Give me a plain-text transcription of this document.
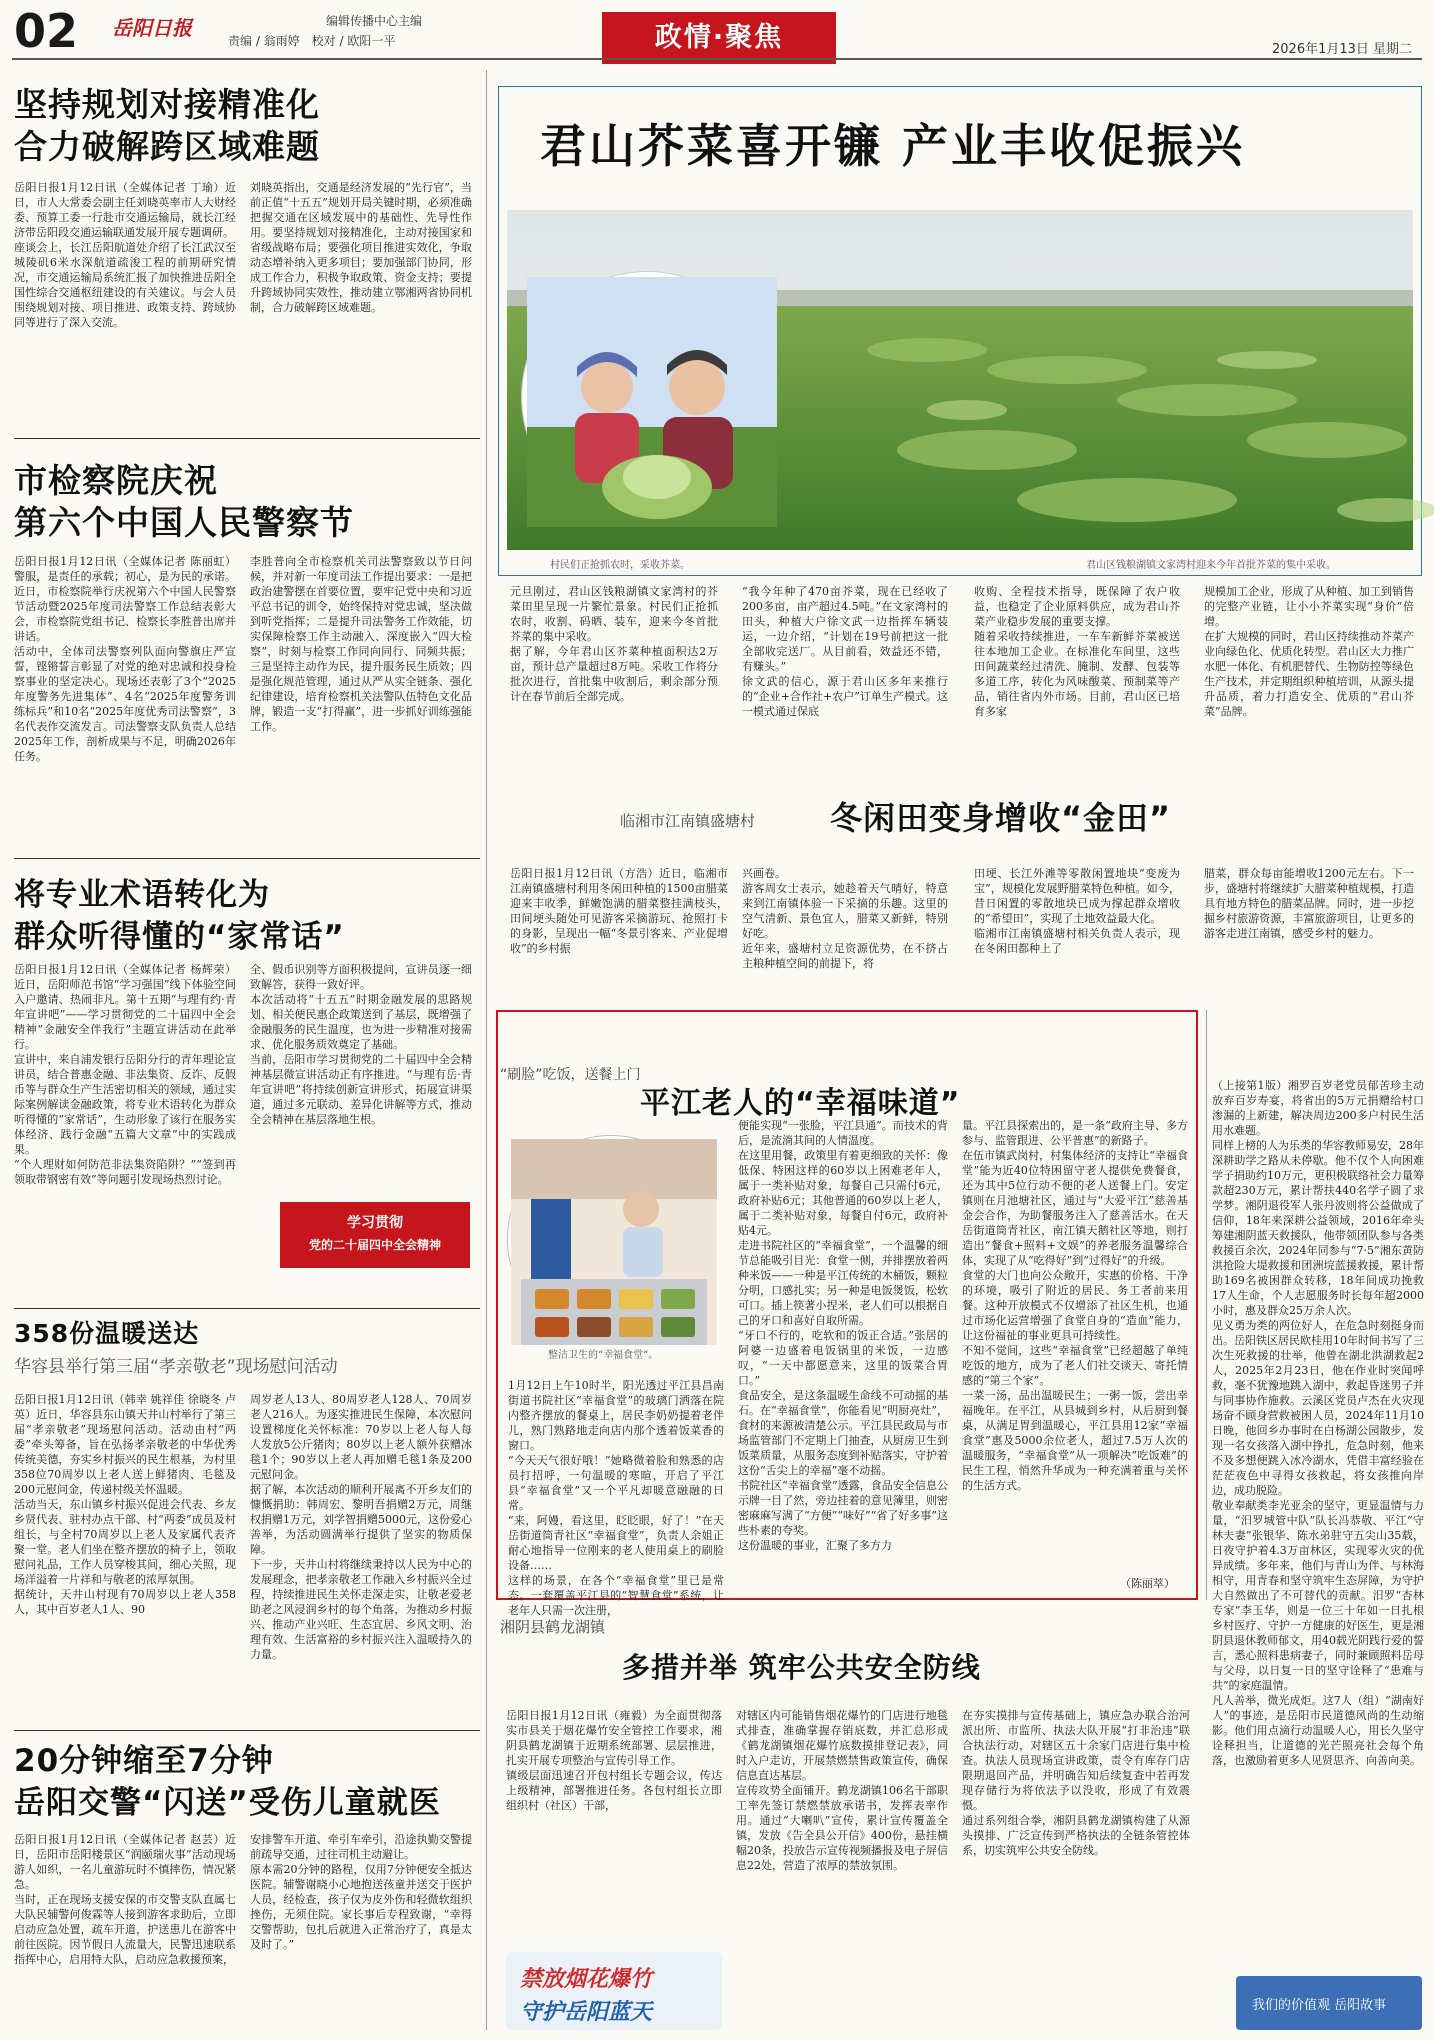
02 岳阳日报	编辑传播中心主编
责编 / 翁雨婷　校对 / 欧阳一平	政情·聚焦	2026年1月13日 星期二
坚持规划对接精准化
合力破解跨区域难题
岳阳日报1月12日讯（全媒体记者 丁瑜）近日，市人大常委会副主任刘晓英率市人大财经委、预算工委一行赴市交通运输局，就长江经济带岳阳段交通运输联通发展开展专题调研。
座谈会上，长江岳阳航道处介绍了长江武汉至城陵矶6米水深航道疏浚工程的前期研究情况，市交通运输局系统汇报了加快推进岳阳全国性综合交通枢纽建设的有关建议。与会人员围绕规划对接、项目推进、政策支持、跨域协同等进行了深入交流。
刘晓英指出，交通是经济发展的“先行官”，当前正值“十五五”规划开局关键时期，必须准确把握交通在区域发展中的基础性、先导性作用。要坚持规划对接精准化，主动对接国家和省级战略布局；要强化项目推进实效化，争取动态增补纳入更多项目；要加强部门协同，形成工作合力，积极争取政策、资金支持；要提升跨域协同实效性，推动建立鄂湘两省协同机制，合力破解跨区域难题。
市检察院庆祝
第六个中国人民警察节
岳阳日报1月12日讯（全媒体记者 陈丽虹）警服，是责任的承载；初心，是为民的承诺。近日，市检察院举行庆祝第六个中国人民警察节活动暨2025年度司法警察工作总结表彰大会，市检察院党组书记、检察长李胜普出席并讲话。
活动中，全体司法警察列队面向警旗庄严宣誓，铿锵誓言彰显了对党的绝对忠诚和投身检察事业的坚定决心。现场还表彰了3个“2025年度警务先进集体”、4名“2025年度警务训练标兵”和10名“2025年度优秀司法警察”，3名代表作交流发言。司法警察支队负责人总结2025年工作，剖析成果与不足，明确2026年任务。
李胜普向全市检察机关司法警察致以节日问候，并对新一年度司法工作提出要求：一是把政治建警摆在首要位置，要牢记党中央和习近平总书记的训令，始终保持对党忠诚，坚决做到听党指挥；二是提升司法警务工作效能，切实保障检察工作主动融入、深度嵌入“四大检察”，时刻与检察工作同向同行、同频共振；三是坚持主动作为民，提升服务民生质效；四是强化规范管理，通过从严从实全链条、强化纪律建设，培育检察机关法警队伍特色文化品牌，锻造一支“打得赢”，进一步抓好训练强能工作。
将专业术语转化为
群众听得懂的“家常话”
岳阳日报1月12日讯（全媒体记者 杨辉荣）近日，岳阳师范书馆“学习强国”线下体验空间入户邀请、热闹非凡。第十五期“与理有约·青年宣讲吧”——学习贯彻党的二十届四中全会精神“金融安全伴我行”主题宣讲活动在此举行。
宣讲中，来自浦发银行岳阳分行的青年理论宣讲员，结合普惠金融、非法集资、反诈、反假币等与群众生产生活密切相关的领域，通过实际案例解读金融政策，将专业术语转化为群众听得懂的“家常话”，生动形象了该行在服务实体经济、践行金融“五篇大文章”中的实践成果。
“个人理财如何防范非法集资陷阱？”“签到再领取带钢密有效”等问题引发现场热烈讨论。
全、假币识别等方面积极提问，宣讲员逐一细致解答，获得一致好评。
本次活动将“十五五”时期金融发展的思路规划、相关便民惠企政策送到了基层，既增强了金融服务的民生温度，也为进一步精准对接需求、优化服务质效奠定了基础。
当前，岳阳市学习贯彻党的二十届四中全会精神基层微宣讲活动正有序推进。“与理有岳·青年宣讲吧”将持续创新宣讲形式，拓展宣讲渠道，通过多元联动、差异化讲解等方式，推动全会精神在基层落地生根。
学习贯彻
党的二十届四中全会精神
358份温暖送达
华容县举行第三届“孝亲敬老”现场慰问活动
岳阳日报1月12日讯（韩幸 姚祥佳 徐晓冬 卢英）近日，华容县东山镇天井山村举行了第三届“孝亲敬老”现场慰问活动。活动由村“两委”牵头筹备，旨在弘扬孝亲敬老的中华优秀传统美德，夯实乡村振兴的民生根基，为村里358位70周岁以上老人送上鲜猪肉、毛毯及200元慰问金，传递村级关怀温暖。
活动当天，东山镇乡村振兴促进会代表、乡友乡贤代表、驻村办点干部、村“两委”成员及村组长，与全村70周岁以上老人及家属代表齐聚一堂。老人们坐在整齐摆放的椅子上，领取慰问礼品，工作人员穿梭其间，细心关照，现场洋溢着一片祥和与敬老的浓厚氛围。
据统计，天井山村现有70周岁以上老人358人，其中百岁老人1人、90
周岁老人13人、80周岁老人128人、70周岁老人216人。为逐实推进民生保障，本次慰问设置梯度化关怀标准：70岁以上老人每人每人发放5公斤猪肉；80岁以上老人额外获赠冰毯1个；90岁以上老人再加赠毛毯1条及200元慰问金。
据了解，本次活动的顺利开展离不开乡友们的慷慨捐助：韩周宏、黎明吾捐赠2万元，周继权捐赠1万元，刘学智捐赠5000元，这份爱心善举，为活动圆满举行提供了坚实的物质保障。
下一步，天井山村将继续秉持以人民为中心的发展理念，把孝亲敬老工作融入乡村振兴全过程，持续推进民生关怀走深走实，让敬老爱老助老之风浸润乡村的每个角落，为推动乡村振兴、推动产业兴旺、生态宜居、乡风文明、治理有效、生活富裕的乡村振兴注入温暖持久的力量。
20分钟缩至7分钟
岳阳交警“闪送”受伤儿童就医
岳阳日报1月12日讯（全媒体记者 赵芸）近日，岳阳市岳阳楼景区“润颐瑞火事”活动现场游人如织，一名儿童游玩时不慎摔伤，情况紧急。
当时，正在现场支援安保的市交警支队直属七大队民辅警何俊霖等人接到游客求助后，立即启动应急处置，疏车开道，护送患儿在游客中前往医院。因节假日人流量大，民警迅速联系指挥中心，启用特大队，启动应急救援预案，
安排警车开道、牵引车牵引，沿途执勤交警提前疏导交通，过往司机主动避让。
原本需20分钟的路程，仅用7分钟便安全抵达医院。辅警谢晓小心地抱送孩童并送交于医护人员，经检查，孩子仅为皮外伤和轻微软组织挫伤，无须住院。家长事后专程致谢，“幸得交警帮助，包扎后就进入正常治疗了，真是太及时了。”
君山芥菜喜开镰 产业丰收促振兴
村民们正抢抓农时，采收芥菜。	君山区钱粮湖镇文家湾村迎来今年首批芥菜的集中采收。
元旦刚过，君山区钱粮湖镇文家湾村的芥菜田里呈现一片繁忙景象。村民们正抢抓农时，收割、码晒、装车，迎来今冬首批芥菜的集中采收。
据了解，今年君山区芥菜种植面积达2万亩，预计总产量超过8万吨。采收工作将分批次进行，首批集中收割后，剩余部分预计在春节前后全部完成。
“我今年种了470亩芥菜，现在已经收了200多亩，亩产超过4.5吨。”在文家湾村的田头，种植大户徐文武一边指挥车辆装运，一边介绍，“计划在19号前把这一批全部收完送厂。从目前看，效益还不错，有赚头。”
徐文武的信心，源于君山区多年来推行的“企业+合作社+农户”订单生产模式。这一模式通过保底
收购、全程技术指导，既保障了农户收益，也稳定了企业原料供应，成为君山芥菜产业稳步发展的重要支撑。
随着采收持续推进，一车车新鲜芥菜被送往本地加工企业。在标准化车间里，这些田间蔬菜经过清洗、腌制、发酵、包装等多道工序，转化为风味酸菜、预制菜等产品，销往省内外市场。目前，君山区已培育多家
规模加工企业，形成了从种植、加工到销售的完整产业链，让小小芥菜实现“身价”倍增。
在扩大规模的同时，君山区持续推动芥菜产业向绿色化、优质化转型。君山区大力推广水肥一体化、有机肥替代、生物防控等绿色生产技术，并定期组织种植培训，从源头提升品质，着力打造安全、优质的“君山芥菜”品牌。
临湘市江南镇盛塘村 冬闲田变身增收“金田”
岳阳日报1月12日讯（方浩）近日，临湘市江南镇盛塘村利用冬闲田种植的1500亩腊菜迎来丰收季，鲜嫩饱满的腊菜整挂满枝头，田间埂头随处可见游客采摘游玩、抢照打卡的身影，呈现出一幅“冬景引客来、产业促增收”的乡村振
兴画卷。
游客周女士表示，她趁着天气晴好，特意来到江南镇体验一下采摘的乐趣。这里的空气清新、景色宜人，腊菜又新鲜，特别好吃。
近年来，盛塘村立足资源优势，在不挤占主粮种植空间的前提下，将
田埂、长江外滩等零散闲置地块“变废为宝”，规模化发展野腊菜特色种植。如今，昔日闲置的零散地块已成为撑起群众增收的“希望田”，实现了土地效益最大化。
临湘市江南镇盛塘村相关负责人表示，现在冬闲田都种上了
腊菜，群众每亩能增收1200元左右。下一步，盛塘村将继续扩大腊菜种植规模，打造具有地方特色的腊菜品牌。同时，进一步挖掘乡村旅游资源，丰富旅游项目，让更多的游客走进江南镇，感受乡村的魅力。
“刷脸”吃饭，送餐上门
平江老人的“幸福味道”
整洁卫生的“幸福食堂”。
1月12日上午10时半，阳光透过平江县昌南街道书院社区“幸福食堂”的玻璃门洒落在院内整齐摆放的餐桌上，居民李奶奶提着老伴儿，熟门熟路地走向店内那个透着饭菜香的窗口。
“今天天气很好哦！”她略微着脸和熟悉的店员打招呼，一句温暖的寒暄，开启了平江县“幸福食堂”又一个平凡却暖意融融的日常。
“来，阿嫚，看这里，眨眨眼，好了！”在天岳街道筒青社区“幸福食堂”，负责人余姐正耐心地指导一位刚来的老人使用桌上的刷脸设备……
这样的场景，在各个“幸福食堂”里已是常态。一套覆盖平江县的“智慧食堂”系统，让老年人只需一次注册，
便能实现“一张脸，平江县通”。而技术的背后，是流淌其间的人情温度。
在这里用餐，政策里有着更细致的关怀：像低保、特困这样的60岁以上困难老年人，属于一类补贴对象，每餐自己只需付6元，政府补贴6元；其他普通的60岁以上老人，属于二类补贴对象，每餐自付6元，政府补贴4元。
走进书院社区的“幸福食堂”，一个温馨的细节总能吸引目光：食堂一侧，并排摆放着两种米饭——一种是平江传统的木桶饭，颗粒分明，口感扎实；另一种是电饭煲饭，松软可口。插上筷著小捏米，老人们可以根据自己的牙口和喜好自取所需。
“牙口不行的，吃软和的饭正合适。”张居的阿婆一边盛着电饭锅里的米饭，一边感叹，“一天中都愿意来，这里的饭菜合胃口。”
食品安全，是这条温暖生命线不可动摇的基石。在“幸福食堂”，你能看见“明厨亮灶”，食材的来源被清楚公示。平江县民政局与市场监管部门不定期上门抽查，从厨房卫生到饭菜质量，从服务态度到补贴落实，守护着这份“舌尖上的幸福”毫不动摇。
书院社区“幸福食堂”透露，食品安全信息公示牌一目了然，旁边挂着的意见簿里，则密密麻麻写满了“方便”“味好”“省了好多事”这些朴素的夸奖。
这份温暖的事业，汇聚了多方力
量。平江县探索出的，是一条“政府主导、多方参与、监管跟进、公平普惠”的新路子。
在伍市镇武岗村，村集体经济的支持让“幸福食堂”能为近40位特困留守老人提供免费餐食，还为其中5位行动不便的老人送餐上门。安定镇则在月池塘社区，通过与“大爱平江”慈善基金会合作，为助餐服务注入了慈善活水。在天岳街道筒青社区，南江镇天鹅社区等地，则打造出“餐食+照料+文娱”的养老服务温馨综合体，实现了从“吃得好”到“过得好”的升级。
食堂的大门也向公众敞开，实惠的价格、干净的环境，吸引了附近的居民、务工者前来用餐。这种开放模式不仅增添了社区生机，也通过市场化运营增强了食堂自身的“造血”能力，让这份福祉的事业更具可持续性。
不知不觉间，这些“幸福食堂”已经超越了单纯吃饭的地方，成为了老人们社交谈天、寄托情感的“第三个家”。
一菜一汤，品出温暖民生；一粥一饭，尝出幸福晚年。在平江，从县城到乡村，从后厨到餐桌，从满足胃到温暖心，平江县用12家“幸福食堂”惠及5000余位老人，超过7.5万人次的温暖服务，“幸福食堂”从一项解决“吃饭难”的民生工程，悄然升华成为一种充满着重与关怀的生活方式。
（陈丽萃）
（上接第1版）湘罗百岁老党员郁苦珍主动放弃百岁寿宴，将省出的5万元捐赠给村口渗漏的上新建，解决周边200多户村民生活用水难题。
同样上榜的人为乐类的华容教师易安，28年深耕助学之路从未停歇。他不仅个人向困难学子捐助约10万元，更积极联络社会力量筹款超230万元，累计帮扶440名学子圆了求学梦。湘阴退役军人张丹波则将公益做成了信仰，18年来深耕公益领域，2016年牵头筹建湘阴蓝天救援队，他带领团队参与各类救援百余次，2024年同参与“7·5”湘东黄防洪抢险大堤救援和团洲垸蓝援救援，累计帮助169名被困群众转移，18年间成功挽救17人生命，个人志愿服务时长每年超2000小时，惠及群众25万余人次。
见义勇为类的两位好人，在危急时刻挺身而出。岳阳铁区居民欧桂用10年时间书写了三次生死救援的壮举，他曾在湖北洪湖救起2人，2025年2月23日，他在作业时突闻呼救，毫不犹豫地跳入湖中，救起昏迷男子并与同事协作施救。云溪区党员卢杰在火灾现场奋不顾身营救被困人员，2024年11月10日晚，他回乡办事时在白杨湖公园散步，发现一名女孩落入湖中挣扎，危急时刻，他来不及多想便跳入冰冷湖水，凭借丰富经验在茫茫夜色中寻得女孩救起，将女孩推向岸边，成功脱险。
敬业奉献类李光亚余的坚守，更显温情与力量，“汨罗城管中队”队长冯恭敬、平江“守林夫妻”张银华、陈水弟驻守五尖山35载，日夜守护着4.3万亩林区，实现零火灾的优异成绩。多年来，他们与青山为伴、与林海相守，用青春和坚守筑牢生态屏障，为守护大自然做出了不可替代的贡献。汨罗“杏林专家”李玉华，则是一位三十年如一日扎根乡村医疗、守护一方健康的好医生，更是湘阴县退休教师郁文，用40载光阴践行爱的誓言，悉心照料患病妻子，同时兼顾照料岳母与父母，以日复一日的坚守诠释了“患难与共”的家庭温情。
凡人善举，微光成炬。这7人（组）“湖南好人”的事迹，是岳阳市民道德风尚的生动缩影。他们用点滴行动温暖人心，用长久坚守诠释担当，让道德的光芒照亮社会每个角落，也激励着更多人见贤思齐、向善向美。
湘阴县鹤龙湖镇
多措并举 筑牢公共安全防线
岳阳日报1月12日讯（雍毅）为全面贯彻落实市县关于烟花爆竹安全管控工作要求，湘阴县鹤龙湖镇于近期系统部署、层层推进，扎实开展专项整治与宣传引导工作。
镇级层面迅速召开包村组长专题会议，传达上级精神，部署推进任务。各包村组长立即组织村（社区）干部，
对辖区内可能销售烟花爆竹的门店进行地毯式排查，准确掌握存销底数，并汇总形成《鹤龙湖镇烟花爆竹底数摸排登记表》，同时入户走访，开展禁燃禁售政策宣传，确保信息直达基层。
宣传攻势全面铺开。鹤龙湖镇106名干部职工率先签订禁燃禁放承诺书，发挥表率作用。通过“大喇叭”宣传，累计宣传覆盖全镇，发放《告全县公开信》400份，悬挂横幅20条，投放告示宣传视频播报及电子屏信息22处，营造了浓厚的禁放氛围。
在夯实摸排与宣传基础上，镇应急办联合治河派出所、市监所、执法大队开展“打非治违”联合执法行动，对辖区五十余家门店进行集中检查。执法人员现场宣讲政策，责令有库存门店限期退回产品，并明确告知后续复查中若再发现存储行为将依法予以没收，形成了有效震慑。
通过系列组合拳，湘阴县鹤龙湖镇构建了从源头摸排、广泛宣传到严格执法的全链条管控体系，切实筑牢公共安全防线。
禁放烟花爆竹
守护岳阳蓝天	我们的价值观 岳阳故事
